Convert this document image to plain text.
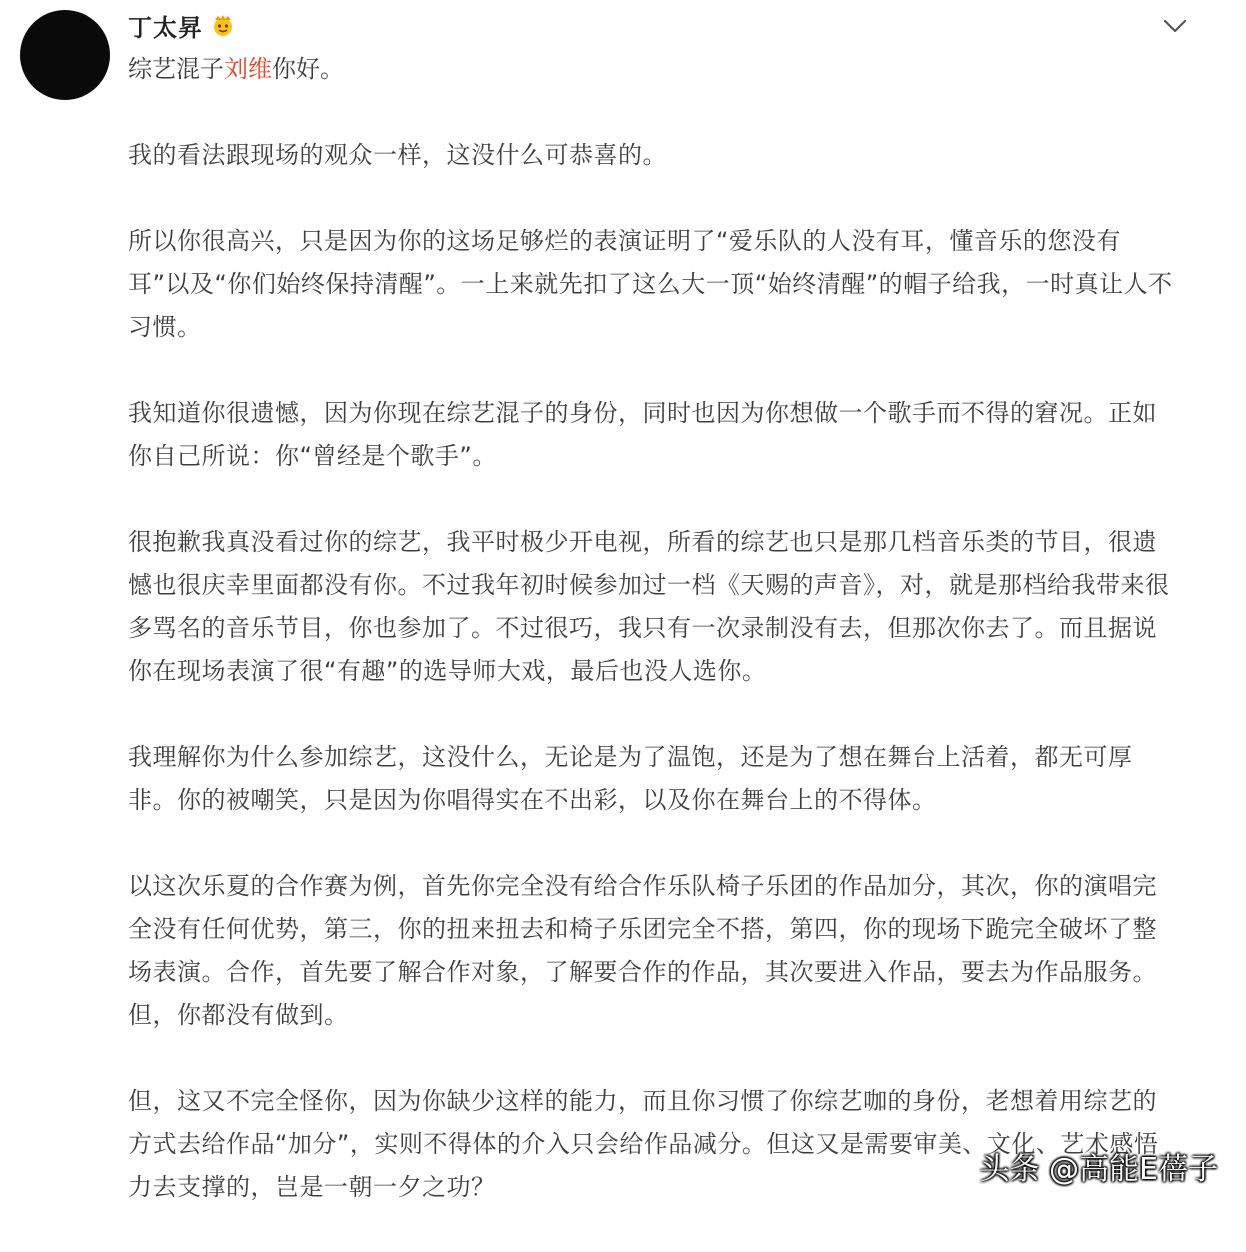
丁太昇
综艺混子刘维你好。

我的看法跟现场的观众一样，这没什么可恭喜的。

所以你很高兴，只是因为你的这场足够烂的表演证明了“爱乐队的人没有耳，懂音乐的您没有耳”以及“你们始终保持清醒”。一上来就先扣了这么大一顶“始终清醒”的帽子给我，一时真让人不习惯。

我知道你很遗憾，因为你现在综艺混子的身份，同时也因为你想做一个歌手而不得的窘况。正如你自己所说：你“曾经是个歌手”。

很抱歉我真没看过你的综艺，我平时极少开电视，所看的综艺也只是那几档音乐类的节目，很遗憾也很庆幸里面都没有你。不过我年初时候参加过一档《天赐的声音》，对，就是那档给我带来很多骂名的音乐节目，你也参加了。不过很巧，我只有一次录制没有去，但那次你去了。而且据说你在现场表演了很“有趣”的选导师大戏，最后也没人选你。

我理解你为什么参加综艺，这没什么，无论是为了温饱，还是为了想在舞台上活着，都无可厚非。你的被嘲笑，只是因为你唱得实在不出彩，以及你在舞台上的不得体。

以这次乐夏的合作赛为例，首先你完全没有给合作乐队椅子乐团的作品加分，其次，你的演唱完全没有任何优势，第三，你的扭来扭去和椅子乐团完全不搭，第四，你的现场下跪完全破坏了整场表演。合作，首先要了解合作对象，了解要合作的作品，其次要进入作品，要去为作品服务。但，你都没有做到。

但，这又不完全怪你，因为你缺少这样的能力，而且你习惯了你综艺咖的身份，老想着用综艺的方式去给作品“加分”，实则不得体的介入只会给作品减分。但这又是需要审美、文化、艺术感悟力去支撑的，岂是一朝一夕之功？	头条 @高能E蓓子
